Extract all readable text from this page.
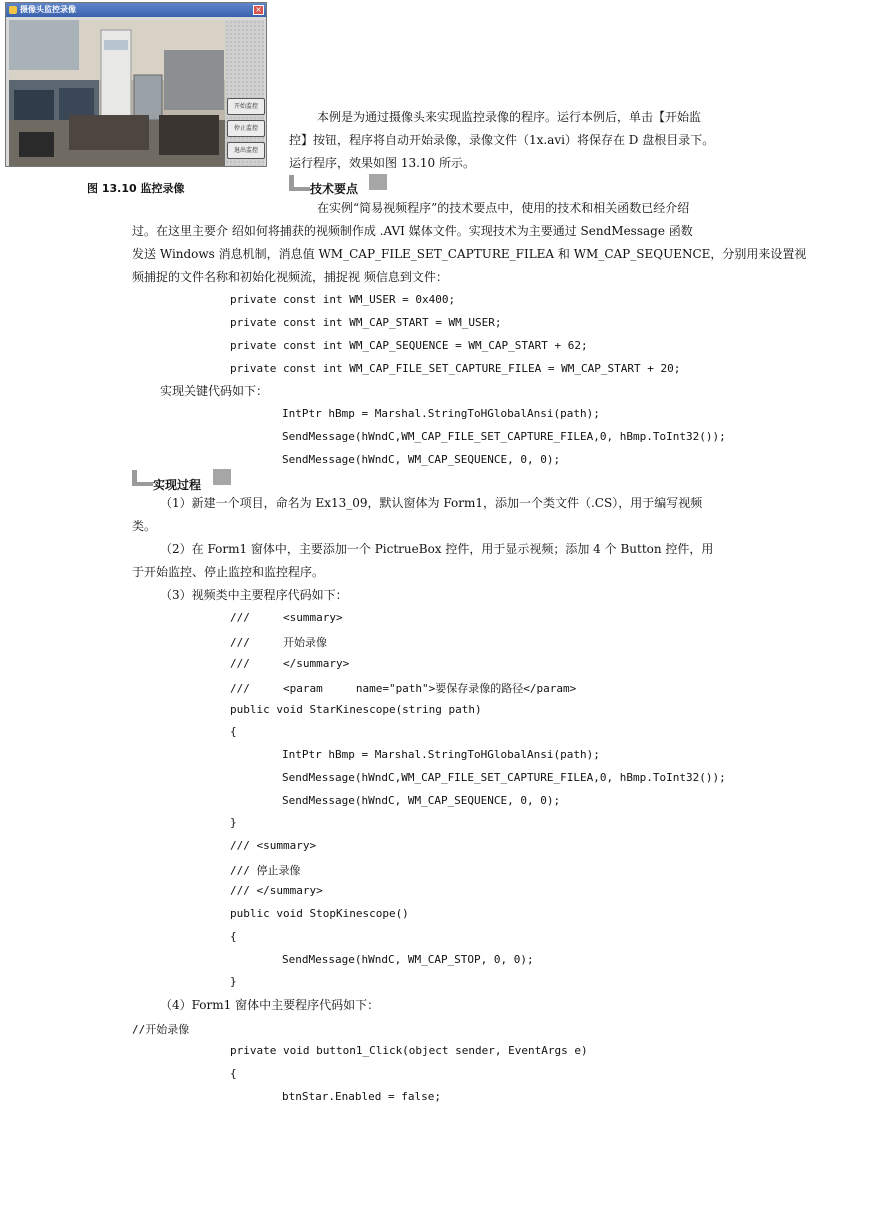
摄像头监控录像	×
开始监控
停止监控
退出监控
图 13.10 监控录像
本例是为通过摄像头来实现监控录像的程序。运行本例后，单击【开始监
控】按钮，程序将自动开始录像，录像文件（1x.avi）将保存在 D 盘根目录下。
运行程序，效果如图 13.10 所示。
技术要点
在实例“简易视频程序”的技术要点中，使用的技术和相关函数已经介绍
过。在这里主要介 绍如何将捕获的视频制作成 .AVI 媒体文件。实现技术为主要通过 SendMessage 函数
发送 Windows 消息机制，消息值 WM_CAP_FILE_SET_CAPTURE_FILEA 和 WM_CAP_SEQUENCE，分别用来设置视
频捕捉的文件名称和初始化视频流，捕捉视 频信息到文件：
private const int WM_USER = 0x400;
private const int WM_CAP_START = WM_USER;
private const int WM_CAP_SEQUENCE = WM_CAP_START + 62;
private const int WM_CAP_FILE_SET_CAPTURE_FILEA = WM_CAP_START + 20;
实现关键代码如下：
IntPtr hBmp = Marshal.StringToHGlobalAnsi(path);
SendMessage(hWndC,WM_CAP_FILE_SET_CAPTURE_FILEA,0, hBmp.ToInt32());
SendMessage(hWndC, WM_CAP_SEQUENCE, 0, 0);
实现过程
（1）新建一个项目，命名为 Ex13_09，默认窗体为 Form1，添加一个类文件（.CS），用于编写视频
类。
（2）在 Form1 窗体中，主要添加一个 PictrueBox 控件，用于显示视频；添加 4 个 Button 控件，用
于开始监控、停止监控和监控程序。
（3）视频类中主要程序代码如下：
///     <summary>
///     开始录像
///     </summary>
///     <param     name="path">要保存录像的路径</param>
public void StarKinescope(string path)
{
IntPtr hBmp = Marshal.StringToHGlobalAnsi(path);
SendMessage(hWndC,WM_CAP_FILE_SET_CAPTURE_FILEA,0, hBmp.ToInt32());
SendMessage(hWndC, WM_CAP_SEQUENCE, 0, 0);
}
/// <summary>
/// 停止录像
/// </summary>
public void StopKinescope()
{
SendMessage(hWndC, WM_CAP_STOP, 0, 0);
}
（4）Form1 窗体中主要程序代码如下：
//开始录像
private void button1_Click(object sender, EventArgs e)
{
btnStar.Enabled = false;
